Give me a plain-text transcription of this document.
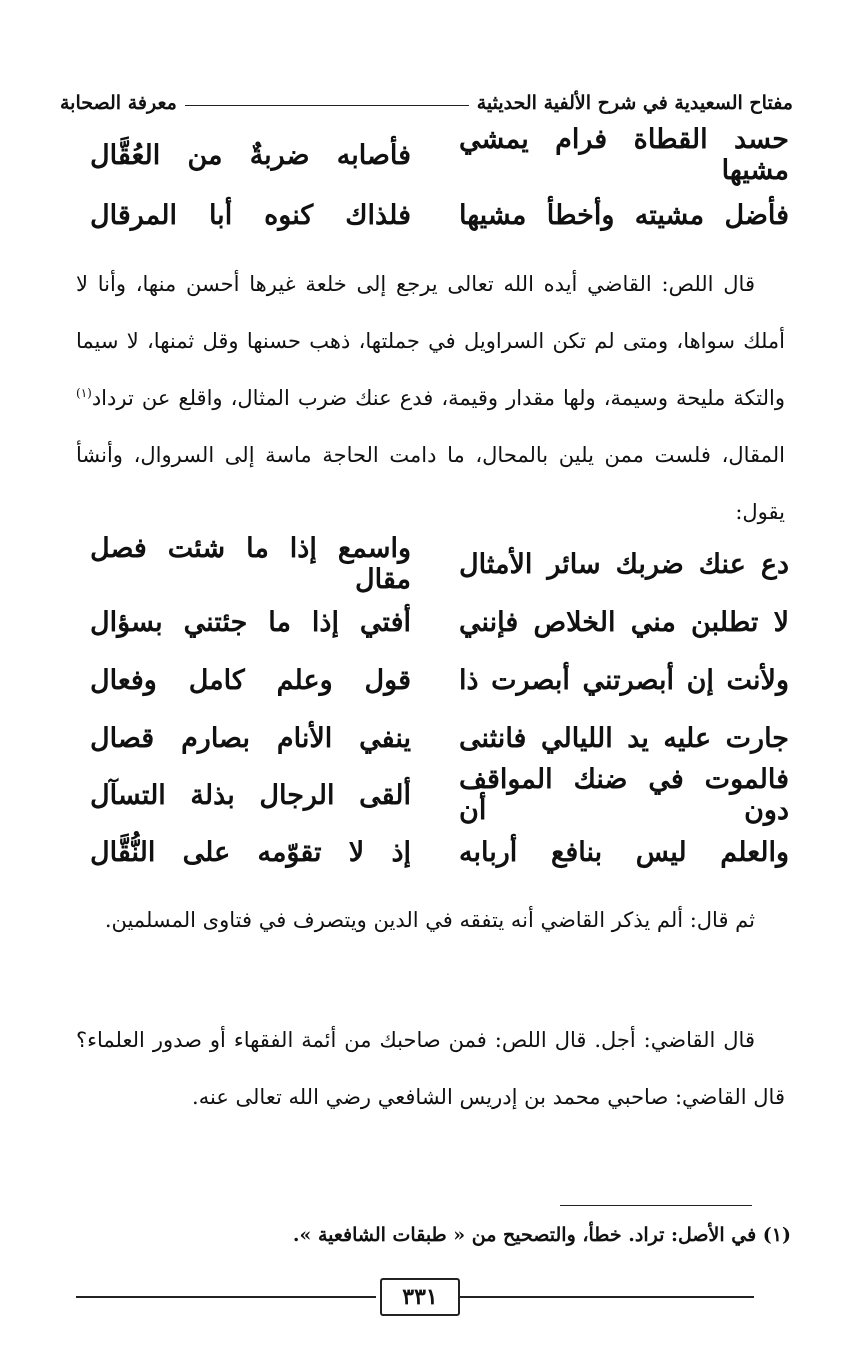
مفتاح السعيدية في شرح الألفية الحديثية
معرفة الصحابة
حسد القطاة فرام يمشي مشيها
فأصابه ضربةٌ من العُقَّال
فأضل مشيته وأخطأ مشيها
فلذاك كنوه أبا المرقال
قال اللص: القاضي أيده الله تعالى يرجع إلى خلعة غيرها أحسن منها، وأنا لا أملك سواها، ومتى لم تكن السراويل في جملتها، ذهب حسنها وقل ثمنها، لا سيما والتكة مليحة وسيمة، ولها مقدار وقيمة، فدع عنك ضرب المثال، واقلع عن ترداد$^{(١)}$ المقال، فلست ممن يلين بالمحال، ما دامت الحاجة ماسة إلى السروال، وأنشأ يقول:
دع عنك ضربك سائر الأمثال
واسمع إذا ما شئت فصل مقال
لا تطلبن مني الخلاص فإنني
أفتي إذا ما جئتني بسؤال
ولأنت إن أبصرتني أبصرت ذا
قول وعلم كامل وفعال
جارت عليه يد الليالي فانثنى
ينفي الأنام بصارم قصال
فالموت في ضنك المواقف دون أن
ألقى الرجال بذلة التسآل
والعلم ليس بنافع أربابه
إذ لا تقوّمه على النُّقَّال
ثم قال: ألم يذكر القاضي أنه يتفقه في الدين ويتصرف في فتاوى المسلمين.
قال القاضي: أجل. قال اللص: فمن صاحبك من أئمة الفقهاء أو صدور العلماء؟ قال القاضي: صاحبي محمد بن إدريس الشافعي رضي الله تعالى عنه.
(١) في الأصل: تراد. خطأ، والتصحيح من « طبقات الشافعية ».
٣٣١
